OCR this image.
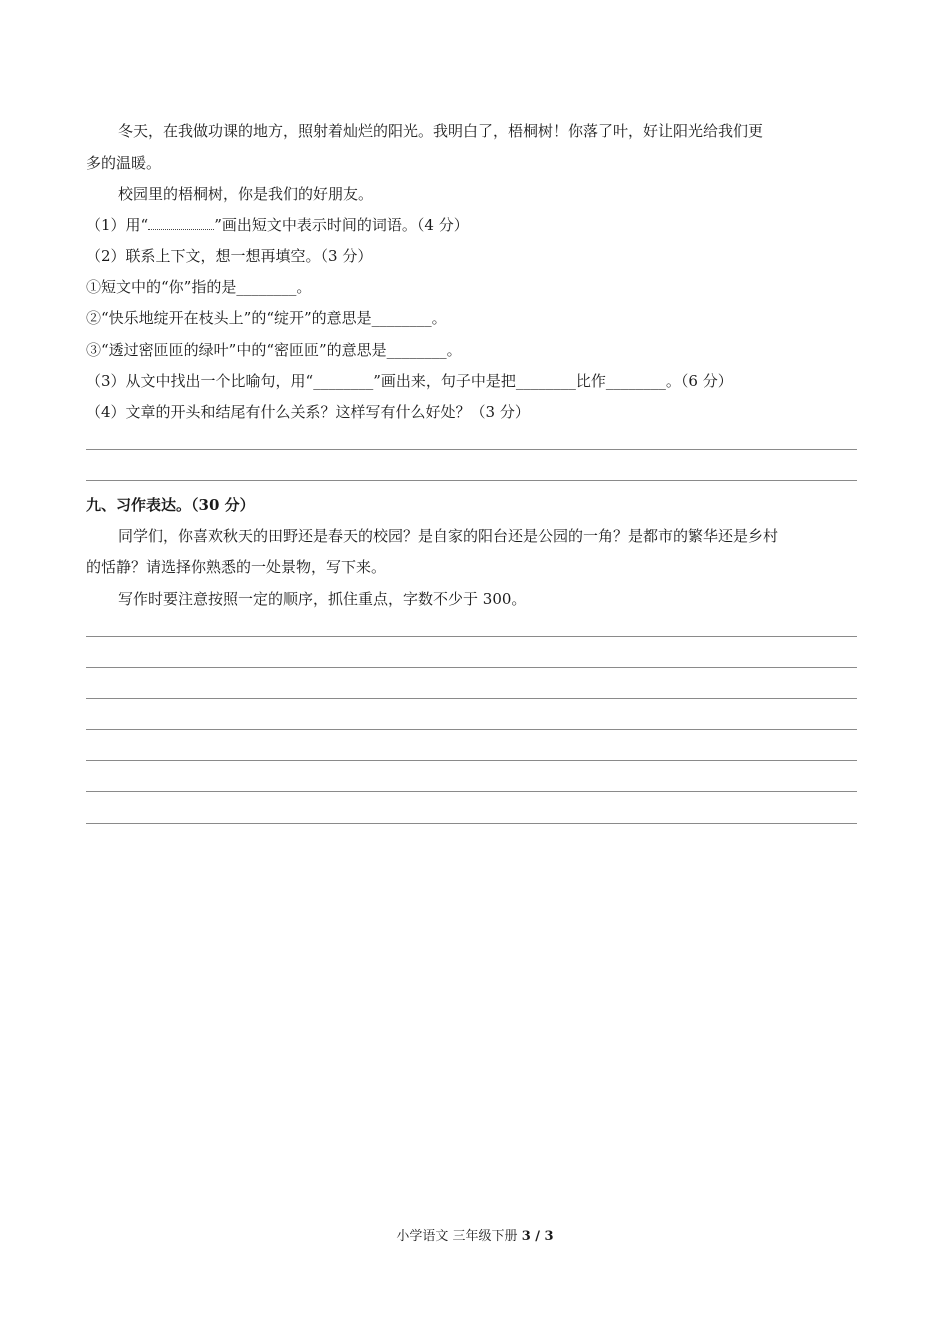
冬天，在我做功课的地方，照射着灿烂的阳光。我明白了，梧桐树！你落了叶，好让阳光给我们更
多的温暖。
校园里的梧桐树，你是我们的好朋友。
（1）用“	”画出短文中表示时间的词语。（4 分）
（2）联系上下文，想一想再填空。（3 分）
①短文中的“你”指的是________。
②“快乐地绽开在枝头上”的“绽开”的意思是________。
③“透过密匝匝的绿叶”中的“密匝匝”的意思是________。
（3）从文中找出一个比喻句，用“________”画出来，句子中是把________比作________。（6 分）
（4）文章的开头和结尾有什么关系？这样写有什么好处？（3 分）
九、习作表达。（30 分）
同学们，你喜欢秋天的田野还是春天的校园？是自家的阳台还是公园的一角？是都市的繁华还是乡村
的恬静？请选择你熟悉的一处景物，写下来。
写作时要注意按照一定的顺序，抓住重点，字数不少于 300。
小学语文 三年级下册 3 / 3
